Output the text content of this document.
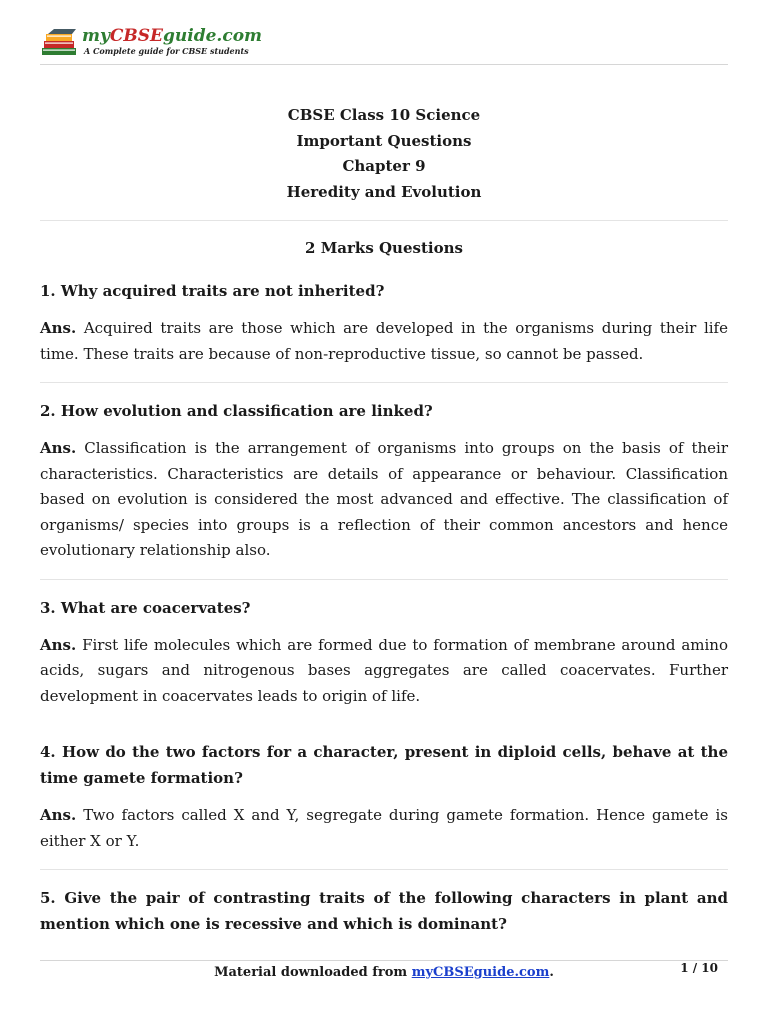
myCBSEguide.com
A Complete guide for CBSE students
CBSE Class 10 Science
Important Questions
Chapter 9
Heredity and Evolution
2 Marks Questions
1. Why acquired traits are not inherited?
Ans. Acquired traits are those which are developed in the organisms during their life time. These traits are because of non-reproductive tissue, so cannot be passed.
2. How evolution and classification are linked?
Ans. Classification is the arrangement of organisms into groups on the basis of their characteristics. Characteristics are details of appearance or behaviour. Classification based on evolution is considered the most advanced and effective. The classification of organisms/ species into groups is a reflection of their common ancestors and hence evolutionary relationship also.
3. What are coacervates?
Ans. First life molecules which are formed due to formation of membrane around amino acids, sugars and nitrogenous bases aggregates are called coacervates. Further development in coacervates leads to origin of life.
4. How do the two factors for a character, present in diploid cells, behave at the time gamete formation?
Ans. Two factors called X and Y, segregate during gamete formation. Hence gamete is either X or Y.
5. Give the pair of contrasting traits of the following characters in plant and mention which one is recessive and which is dominant?
Material downloaded from myCBSEguide.com.	1 / 10
